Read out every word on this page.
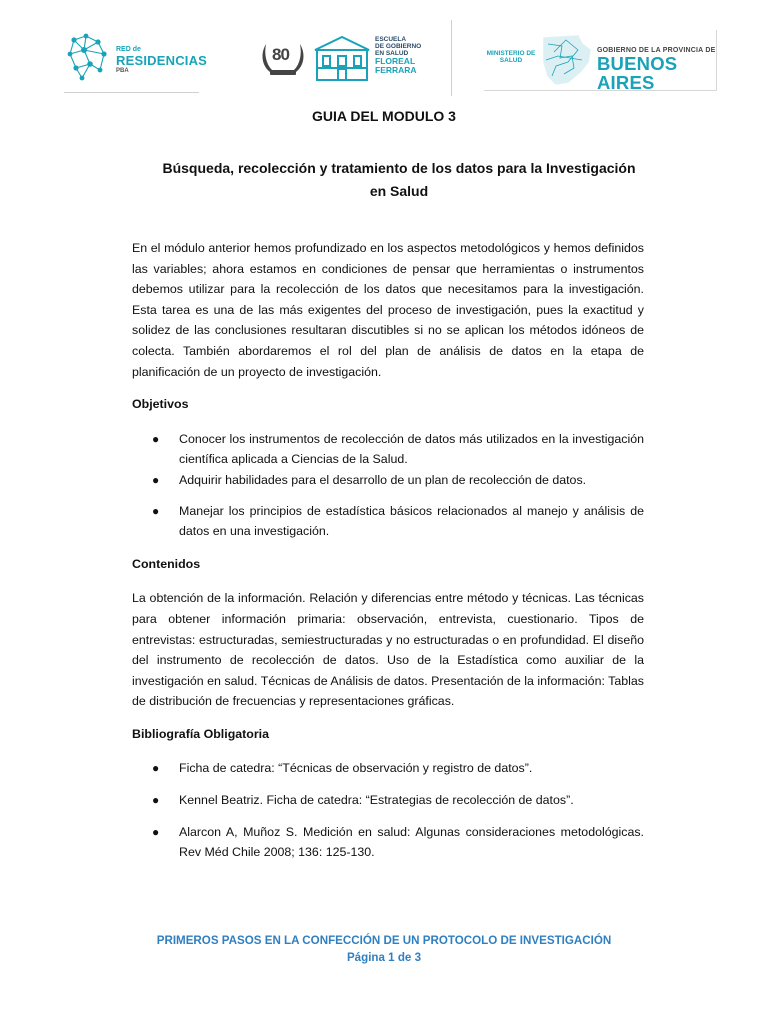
RED de
RESIDENCIAS
PBA
80
ESCUELA
DE GOBIERNO
EN SALUD
FLOREAL
FERRARA
MINISTERIO DE
SALUD
GOBIERNO DE LA PROVINCIA DE
BUENOS AIRES
GUIA DEL MODULO 3
Búsqueda, recolección y tratamiento de los datos para la Investigación
en Salud

En el módulo anterior hemos profundizado en los aspectos metodológicos y hemos definidos las variables; ahora estamos en condiciones de pensar que herramientas o instrumentos debemos utilizar para la recolección de los datos que necesitamos para la investigación. Esta tarea es una de las más exigentes del proceso de investigación, pues la exactitud y solidez de las conclusiones resultaran discutibles si no se aplican los métodos idóneos de colecta. También abordaremos el rol del plan de análisis de datos en la etapa de planificación de un proyecto de investigación.

Objetivos

● Conocer los instrumentos de recolección de datos más utilizados en la investigación científica aplicada a Ciencias de la Salud.
● Adquirir habilidades para el desarrollo de un plan de recolección de datos.
● Manejar los principios de estadística básicos relacionados al manejo y análisis de datos en una investigación.

Contenidos

La obtención de la información. Relación y diferencias entre método y técnicas. Las técnicas para obtener información primaria: observación, entrevista, cuestionario. Tipos de entrevistas: estructuradas, semiestructuradas y no estructuradas o en profundidad. El diseño del instrumento de recolección de datos. Uso de la Estadística como auxiliar de la investigación en salud. Técnicas de Análisis de datos. Presentación de la información: Tablas de distribución de frecuencias y representaciones gráficas.

Bibliografía Obligatoria

● Ficha de catedra: “Técnicas de observación y registro de datos”.
● Kennel Beatriz. Ficha de catedra: “Estrategias de recolección de datos”.
● Alarcon A, Muñoz S. Medición en salud: Algunas consideraciones metodológicas. Rev Méd Chile 2008; 136: 125-130.
PRIMEROS PASOS EN LA CONFECCIÓN DE UN PROTOCOLO DE INVESTIGACIÓN
Página 1 de 3
